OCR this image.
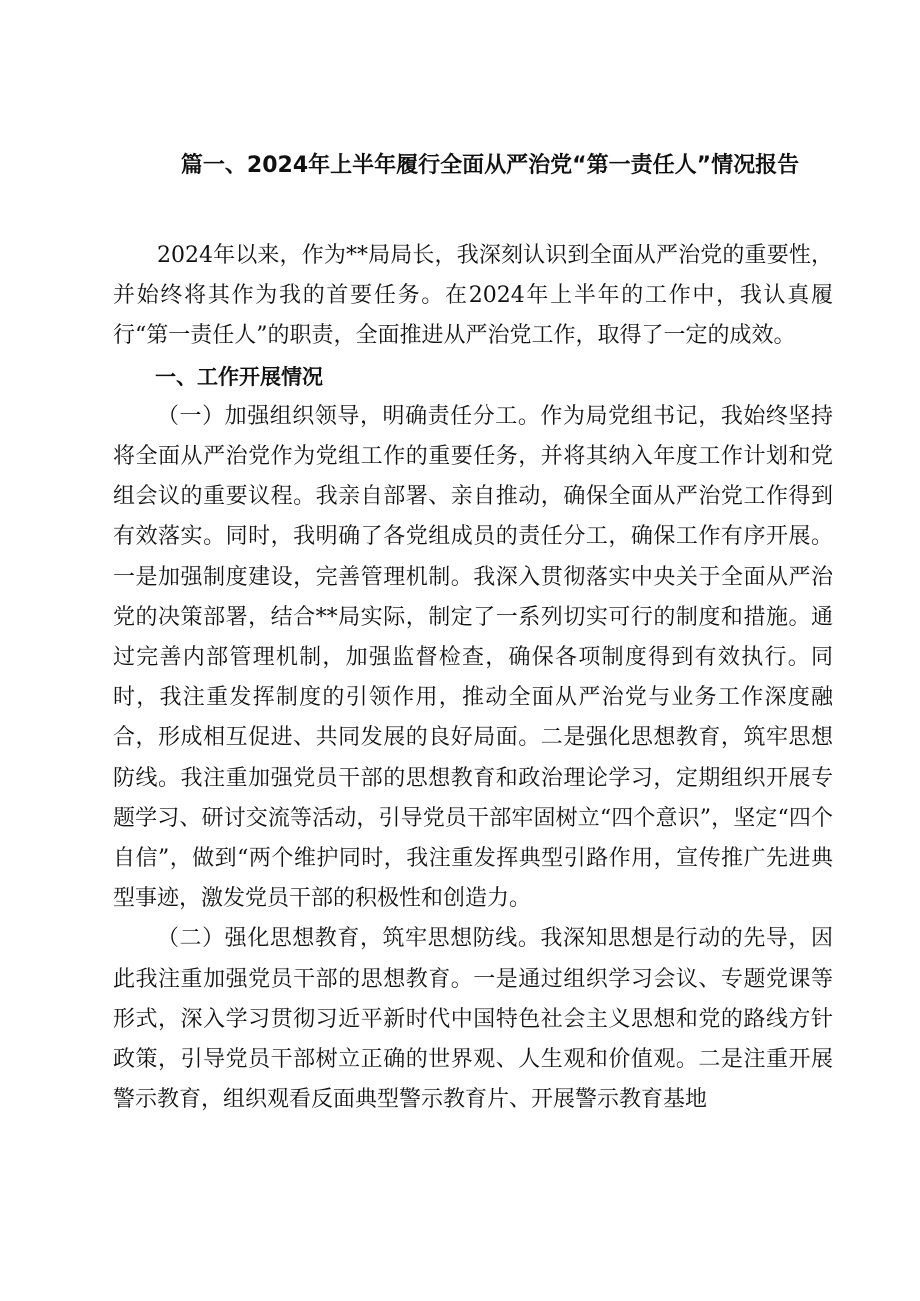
篇一、2024年上半年履行全面从严治党“第一责任人”情况报告

2024年以来，作为**局局长，我深刻认识到全面从严治党的重要性，并始终将其作为我的首要任务。在2024年上半年的工作中，我认真履行“第一责任人”的职责，全面推进从严治党工作，取得了一定的成效。

一、工作开展情况

（一）加强组织领导，明确责任分工。作为局党组书记，我始终坚持将全面从严治党作为党组工作的重要任务，并将其纳入年度工作计划和党组会议的重要议程。我亲自部署、亲自推动，确保全面从严治党工作得到有效落实。同时，我明确了各党组成员的责任分工，确保工作有序开展。一是加强制度建设，完善管理机制。我深入贯彻落实中央关于全面从严治党的决策部署，结合**局实际，制定了一系列切实可行的制度和措施。通过完善内部管理机制，加强监督检查，确保各项制度得到有效执行。同时，我注重发挥制度的引领作用，推动全面从严治党与业务工作深度融合，形成相互促进、共同发展的良好局面。二是强化思想教育，筑牢思想防线。我注重加强党员干部的思想教育和政治理论学习，定期组织开展专题学习、研讨交流等活动，引导党员干部牢固树立“四个意识”，坚定“四个自信”，做到“两个维护同时，我注重发挥典型引路作用，宣传推广先进典型事迹，激发党员干部的积极性和创造力。

（二）强化思想教育，筑牢思想防线。我深知思想是行动的先导，因此我注重加强党员干部的思想教育。一是通过组织学习会议、专题党课等形式，深入学习贯彻习近平新时代中国特色社会主义思想和党的路线方针政策，引导党员干部树立正确的世界观、人生观和价值观。二是注重开展警示教育，组织观看反面典型警示教育片、开展警示教育基地
